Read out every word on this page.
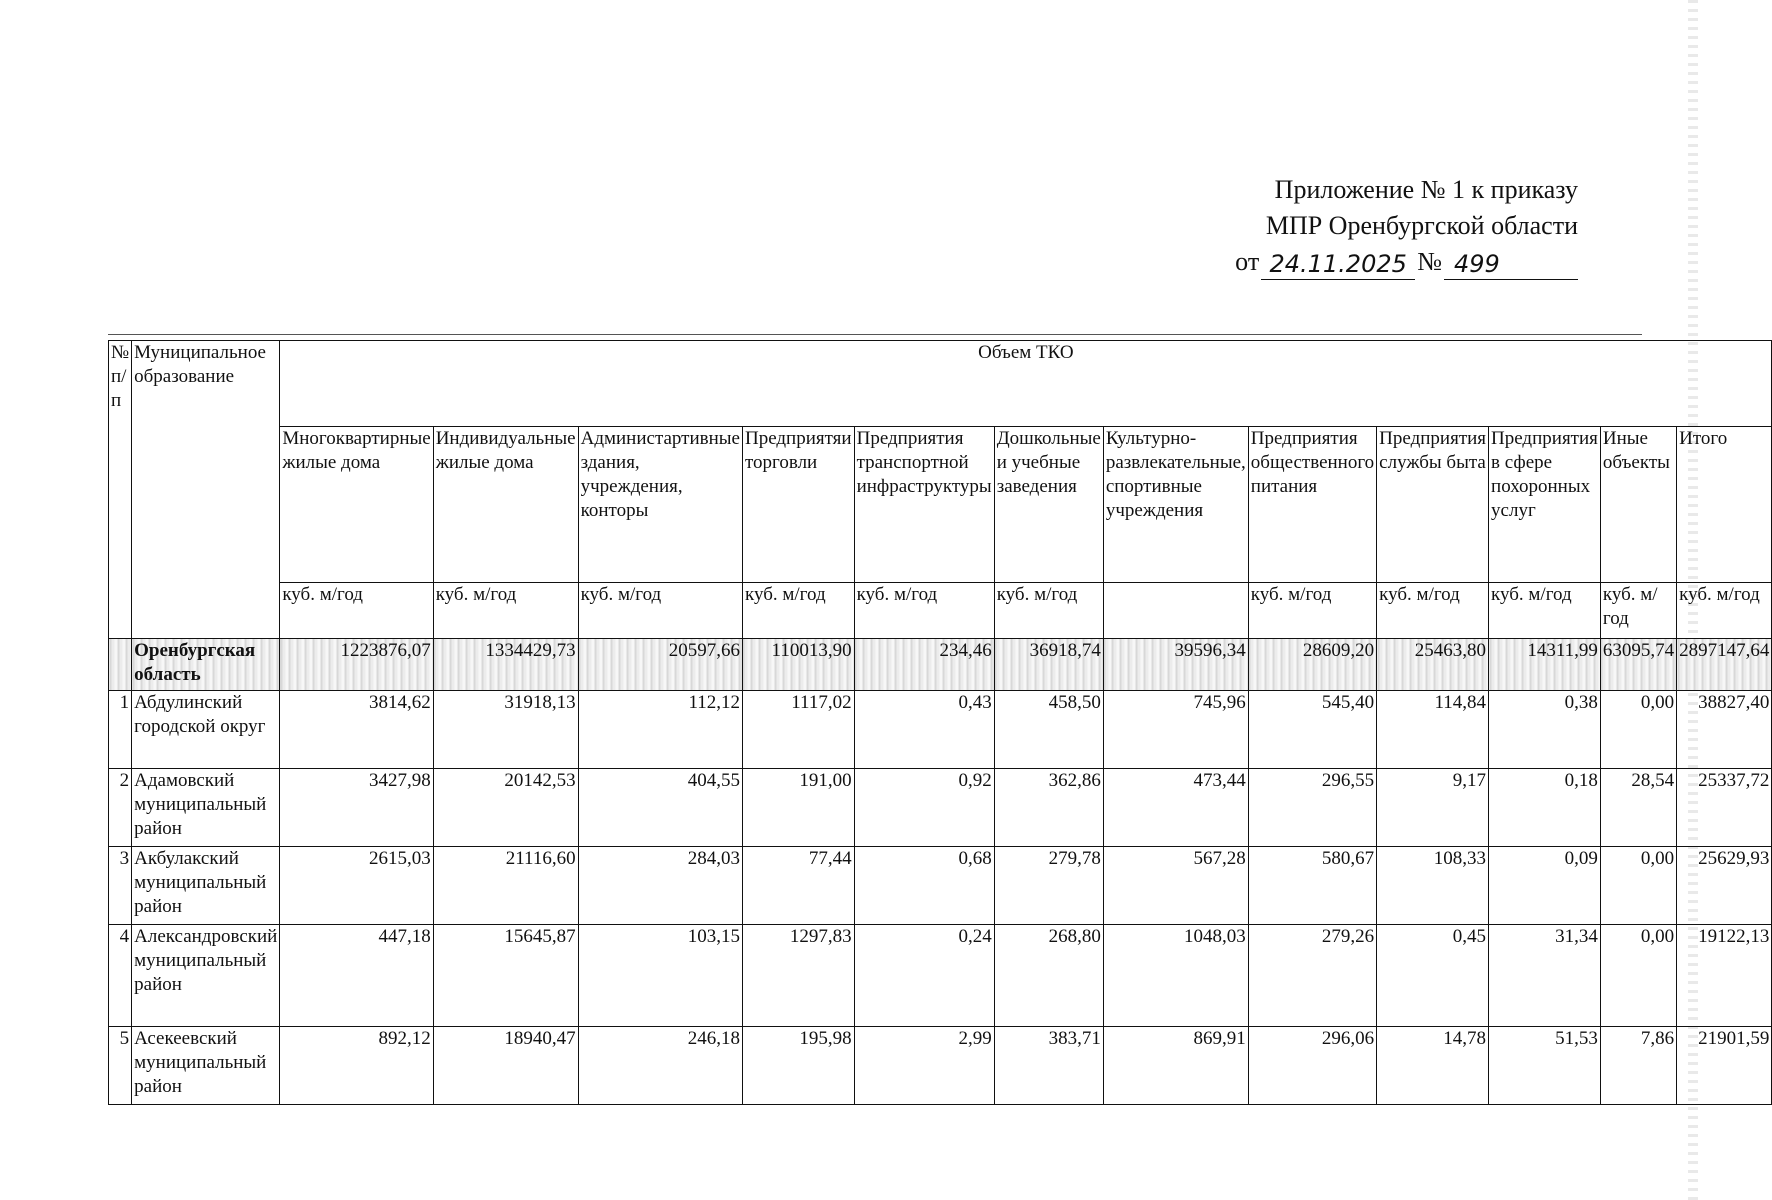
Приложение № 1 к приказу
МПР Оренбургской области
от 24.11.2025 № 499
№ п/п	Муниципальное образование	Объем ТКО											
		Многоквартирные жилые дома	Индивидуальные жилые дома	Администартивные здания, учреждения, конторы	Предприятяи торговли	Предприятия транспортной инфраструктуры	Дошкольные и учебные заведения	Культурно-развлекательные, спортивные учреждения	Предприятия общественного питания	Предприятия службы быта	Предприятия в сфере похоронных услуг	Иные объекты	Итого
		куб. м/год	куб. м/год	куб. м/год	куб. м/год	куб. м/год	куб. м/год		куб. м/год	куб. м/год	куб. м/год	куб. м/год	куб. м/год
	Оренбургская область	1223876,07	1334429,73	20597,66	110013,90	234,46	36918,74	39596,34	28609,20	25463,80	14311,99	63095,74	2897147,64
1	Абдулинский городской округ	3814,62	31918,13	112,12	1117,02	0,43	458,50	745,96	545,40	114,84	0,38	0,00	38827,40
2	Адамовский муниципальный район	3427,98	20142,53	404,55	191,00	0,92	362,86	473,44	296,55	9,17	0,18	28,54	25337,72
3	Акбулакский муниципальный район	2615,03	21116,60	284,03	77,44	0,68	279,78	567,28	580,67	108,33	0,09	0,00	25629,93
4	Александровский муниципальный район	447,18	15645,87	103,15	1297,83	0,24	268,80	1048,03	279,26	0,45	31,34	0,00	19122,13
5	Асекеевский муниципальный район	892,12	18940,47	246,18	195,98	2,99	383,71	869,91	296,06	14,78	51,53	7,86	21901,59
